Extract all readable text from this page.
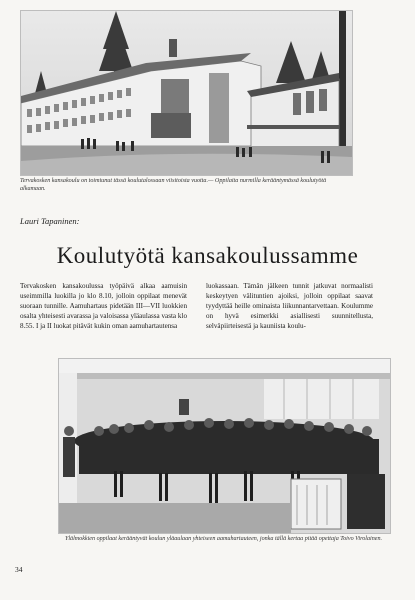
Tervakosken kansakoulu on toimiunut tässä koulutalossaan viisitoista vuotta.— Oppilaita nurmilla kerääntymässä koulutyötä alkamaan.
Lauri Tapaninen:
Koulutyötä kansakoulussamme
Tervakosken kansakoulussa työpäivä alkaa aamuisin useimmilla luokilla jo klo 8.10, jolloin oppilaat menevät suoraan tunnille. Aamuhartaus pidetään III—VII luokkien osalta yhteisesti avarassa ja valoisassa yläaulassa vasta klo 8.55. I ja II luokat pitävät kukin oman aamuhartautensa
luokassaan. Tämän jälkeen tunnit jatkuvat normaalisti keskeytyen välituntien ajoiksi, jolloin oppilaat saavat tyydyttää heille ominaista liikunnantarvettaan. Koulumme on hyvä esimerkki asiallisesti suunnitellusta, selväpiirteisestä ja kauniista koulu-
Ylälmokkien oppilaat kerääntyvät koulun yläaulaan yhteiseen aamuhartauteen, jonka tällä kertaa pitää opettaja Toivo Virolainen.
34
